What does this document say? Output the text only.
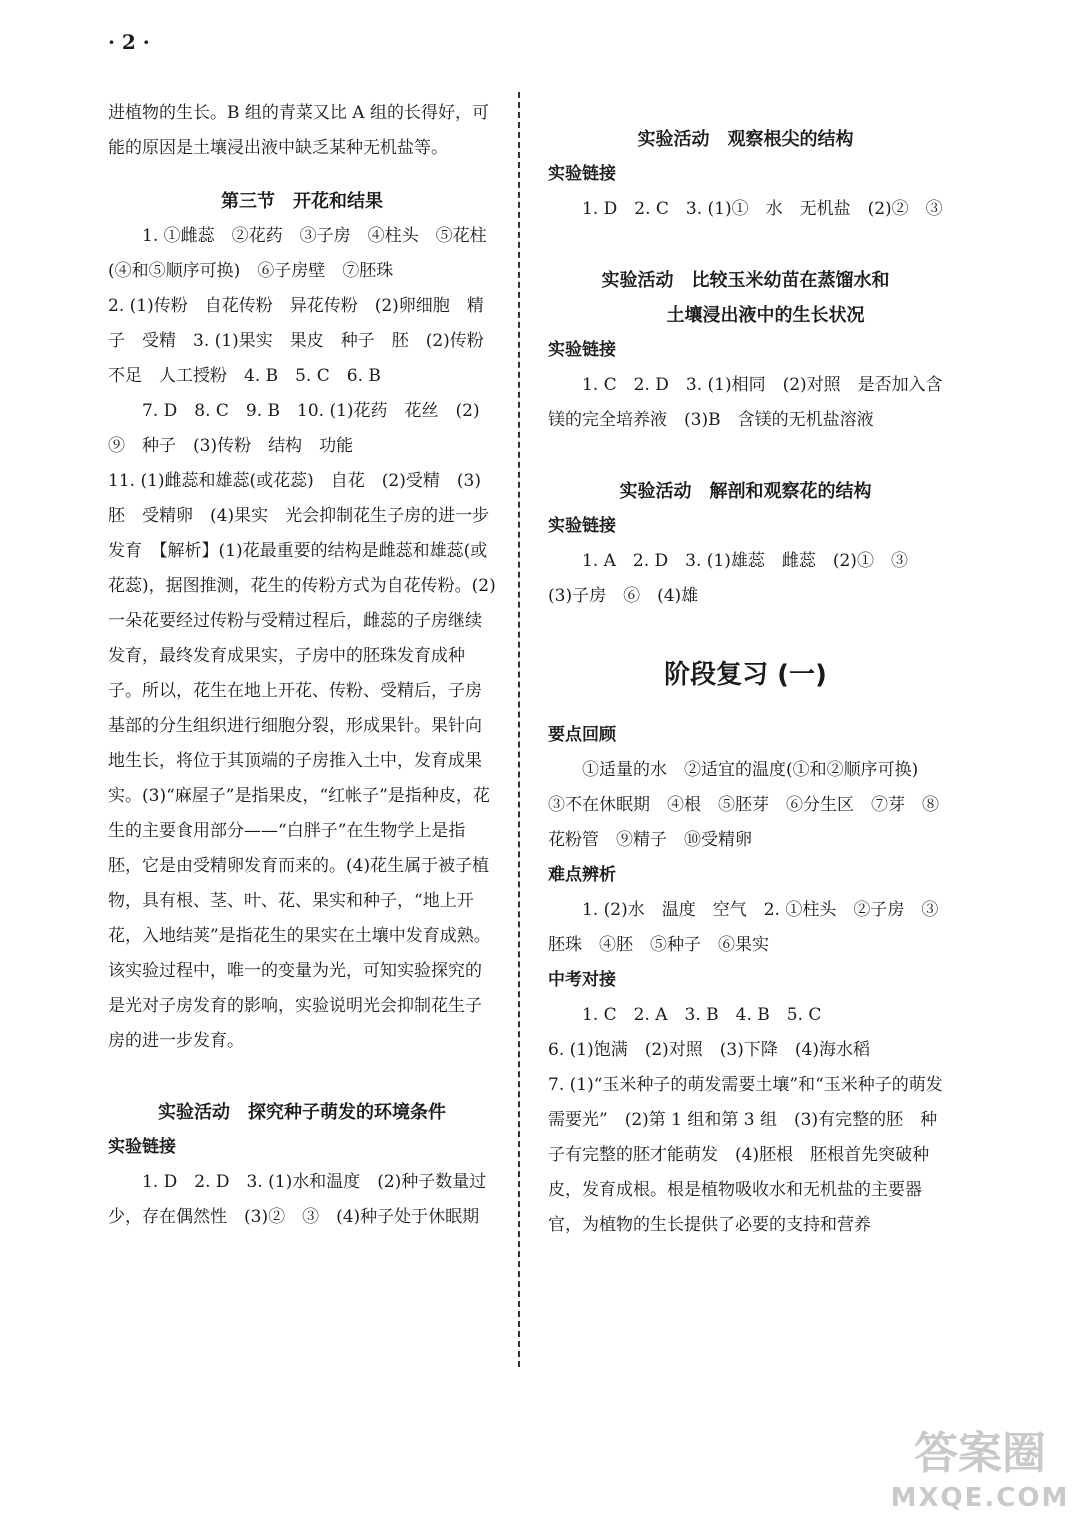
· 2 ·

进植物的生长。B 组的青菜又比 A 组的长得好，可能的原因是土壤浸出液中缺乏某种无机盐等。

第三节　开花和结果

1. ①雌蕊　②花药　③子房　④柱头　⑤花柱(④和⑤顺序可换)　⑥子房壁　⑦胚珠

2. (1)传粉　自花传粉　异花传粉　(2)卵细胞　精子　受精　3. (1)果实　果皮　种子　胚　(2)传粉不足　人工授粉　4. B　5. C　6. B

7. D　8. C　9. B　10. (1)花药　花丝　(2)⑨　种子　(3)传粉　结构　功能

11. (1)雌蕊和雄蕊(或花蕊)　自花　(2)受精　(3)胚　受精卵　(4)果实　光会抑制花生子房的进一步发育　【解析】(1)花最重要的结构是雌蕊和雄蕊(或花蕊)，据图推测，花生的传粉方式为自花传粉。(2)一朵花要经过传粉与受精过程后，雌蕊的子房继续发育，最终发育成果实，子房中的胚珠发育成种子。所以，花生在地上开花、传粉、受精后，子房基部的分生组织进行细胞分裂，形成果针。果针向地生长，将位于其顶端的子房推入土中，发育成果实。(3)“麻屋子”是指果皮，“红帐子”是指种皮，花生的主要食用部分——“白胖子”在生物学上是指胚，它是由受精卵发育而来的。(4)花生属于被子植物，具有根、茎、叶、花、果实和种子，“地上开花，入地结荚”是指花生的果实在土壤中发育成熟。该实验过程中，唯一的变量为光，可知实验探究的是光对子房发育的影响，实验说明光会抑制花生子房的进一步发育。

实验活动　探究种子萌发的环境条件

实验链接

1. D　2. D　3. (1)水和温度　(2)种子数量过少，存在偶然性　(3)②　③　(4)种子处于休眠期

实验活动　观察根尖的结构

实验链接

1. D　2. C　3. (1)①　水　无机盐　(2)②　③

实验活动　比较玉米幼苗在蒸馏水和

土壤浸出液中的生长状况

实验链接

1. C　2. D　3. (1)相同　(2)对照　是否加入含镁的完全培养液　(3)B　含镁的无机盐溶液

实验活动　解剖和观察花的结构

实验链接

1. A　2. D　3. (1)雄蕊　雌蕊　(2)①　③　(3)子房　⑥　(4)雄

阶段复习 (一)

要点回顾

①适量的水　②适宜的温度(①和②顺序可换)　③不在休眠期　④根　⑤胚芽　⑥分生区　⑦芽　⑧花粉管　⑨精子　⑩受精卵

难点辨析

1. (2)水　温度　空气　2. ①柱头　②子房　③胚珠　④胚　⑤种子　⑥果实

中考对接

1. C　2. A　3. B　4. B　5. C

6. (1)饱满　(2)对照　(3)下降　(4)海水稻

7. (1)“玉米种子的萌发需要土壤”和“玉米种子的萌发需要光”　(2)第 1 组和第 3 组　(3)有完整的胚　种子有完整的胚才能萌发　(4)胚根　胚根首先突破种皮，发育成根。根是植物吸收水和无机盐的主要器官，为植物的生长提供了必要的支持和营养

答案圈
MXQE.COM
